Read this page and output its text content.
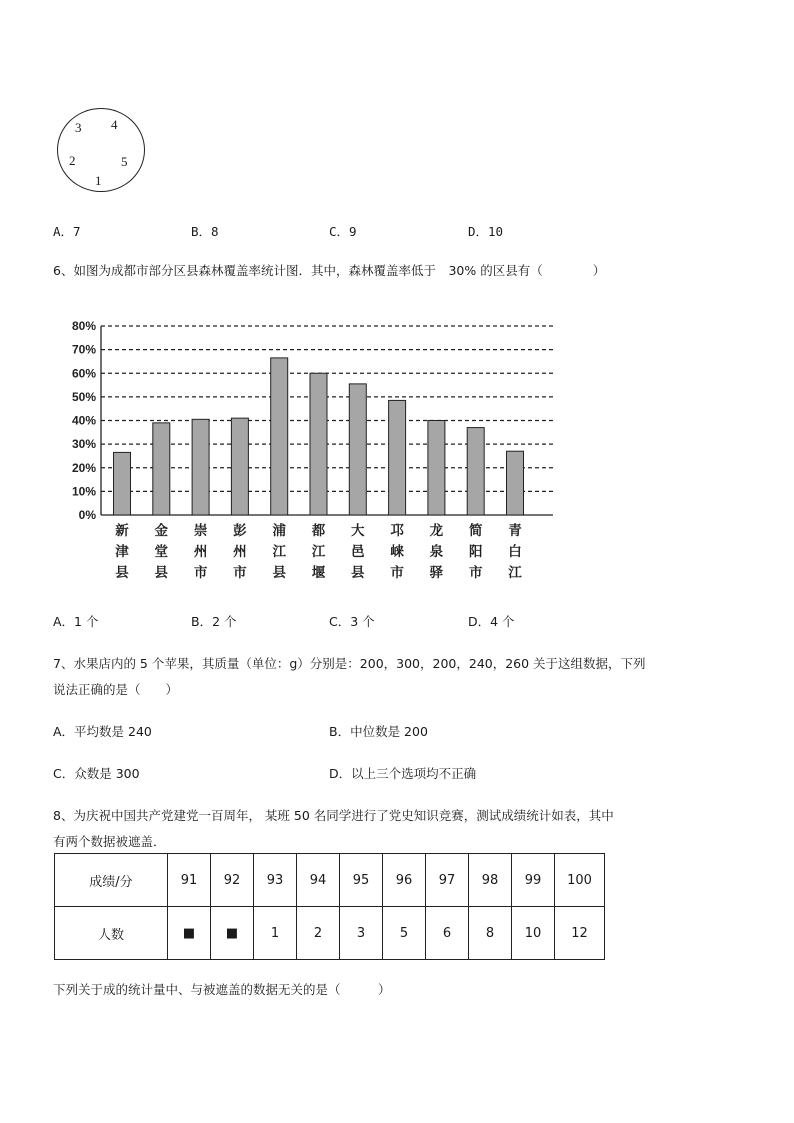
3 4
2	5
1
A．7	B．8	C．9	D．10
6、如图为成都市部分区县森林覆盖率统计图．其中，森林覆盖率低于　30% 的区县有（　　　　）
0%
10%
20%
30%
40%
50%
60%
70%
80%
新津县
金堂县
崇州市
彭州市
浦江县
都江堰
大邑县
邛崃市
龙泉驿
简阳市
青白江
A．1 个	B．2 个	C．3 个	D．4 个
7、水果店内的 5 个苹果，其质量（单位：g）分别是：200，300，200，240，260 关于这组数据，下列
说法正确的是（　　）
A．平均数是 240	B．中位数是 200
C．众数是 300	D．以上三个选项均不正确
8、为庆祝中国共产党建党一百周年， 某班 50 名同学进行了党史知识竞赛，测试成绩统计如表，其中
有两个数据被遮盖．
成绩/分	91	92	93	94	95	96	97	98	99	100
人数	■	■	1	2	3	5	6	8	10	12
下列关于成的统计量中、与被遮盖的数据无关的是（　　　）
